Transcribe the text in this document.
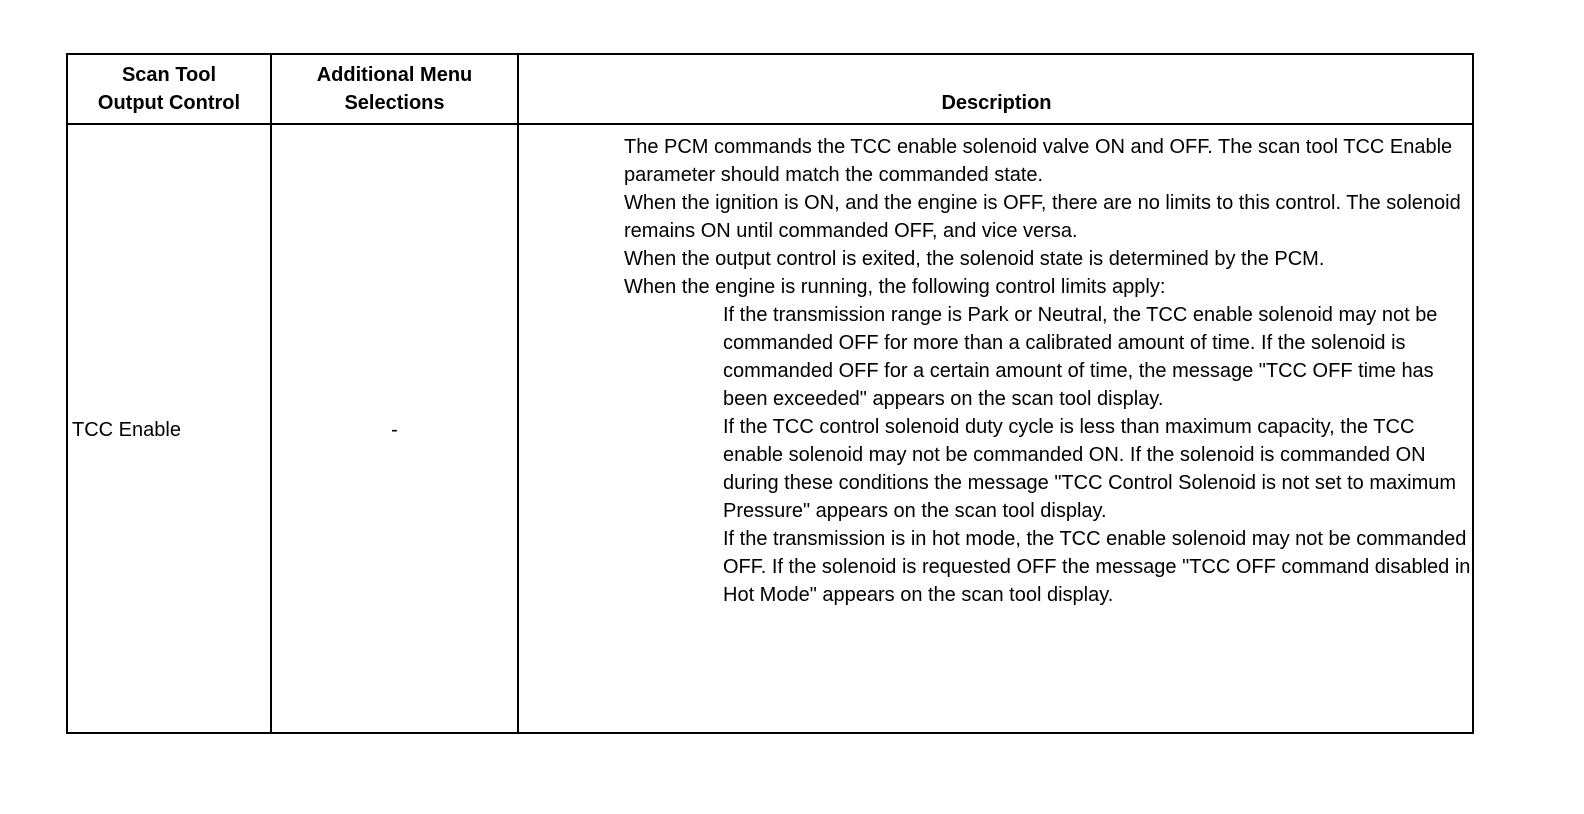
Scan Tool
Output Control
Additional Menu
Selections	Description
TCC Enable	-

The PCM commands the TCC enable solenoid valve ON and OFF. The scan tool TCC Enable parameter should match the commanded state.

When the ignition is ON, and the engine is OFF, there are no limits to this control. The solenoid remains ON until commanded OFF, and vice versa.

When the output control is exited, the solenoid state is determined by the PCM.

When the engine is running, the following control limits apply:

If the transmission range is Park or Neutral, the TCC enable solenoid may not be commanded OFF for more than a calibrated amount of time. If the solenoid is commanded OFF for a certain amount of time, the message "TCC OFF time has been exceeded" appears on the scan tool display.

If the TCC control solenoid duty cycle is less than maximum capacity, the TCC enable solenoid may not be commanded ON. If the solenoid is commanded ON during these conditions the message "TCC Control Solenoid is not set to maximum Pressure" appears on the scan tool display.

If the transmission is in hot mode, the TCC enable solenoid may not be commanded OFF. If the solenoid is requested OFF the message "TCC OFF command disabled in Hot Mode" appears on the scan tool display.
